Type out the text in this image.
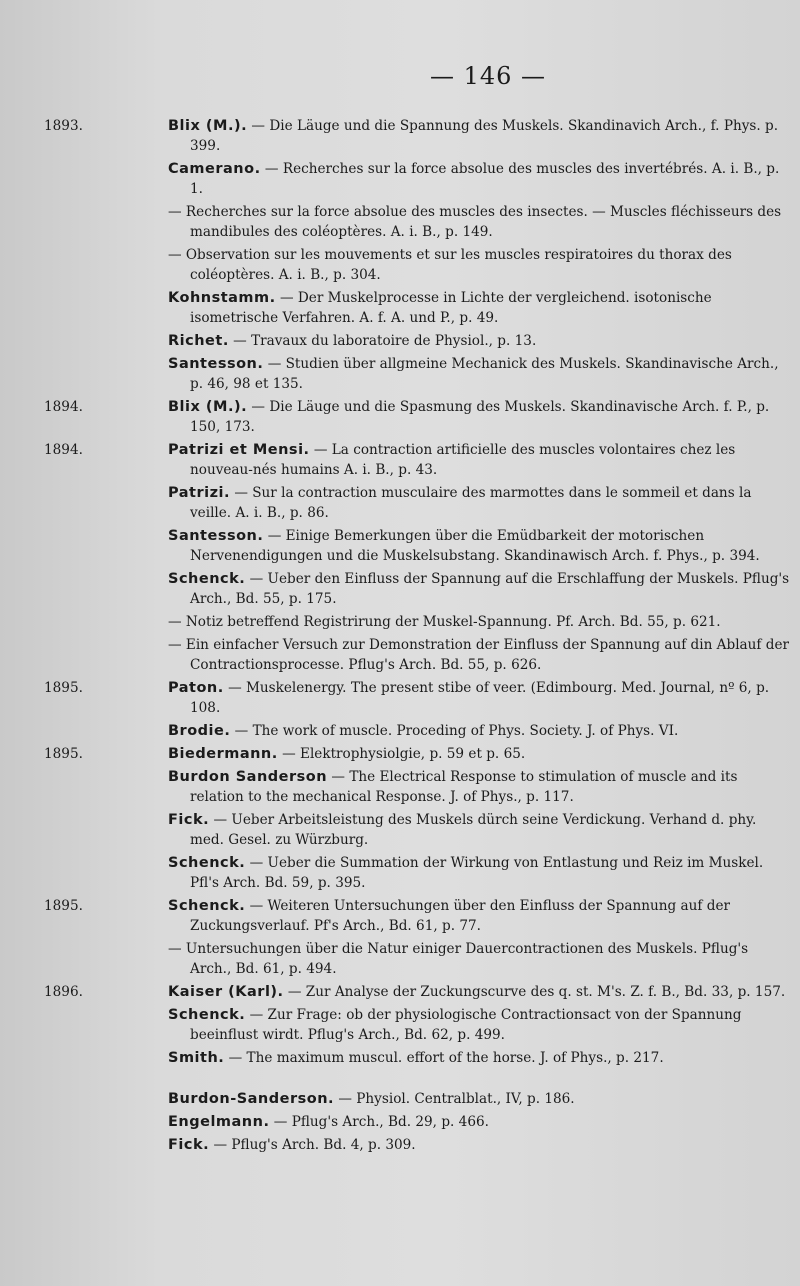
— 146 —
1893.	Blix (M.). — Die Läuge und die Spannung des Muskels. Skandinavich Arch., f. Phys. p. 399.
Camerano. — Recherches sur la force absolue des muscles des invertébrés. A. i. B., p. 1.
— Recherches sur la force absolue des muscles des insectes. — Muscles fléchisseurs des mandibules des coléoptères. A. i. B., p. 149.
— Observation sur les mouvements et sur les muscles respiratoires du thorax des coléoptères. A. i. B., p. 304.
Kohnstamm. — Der Muskelprocesse in Lichte der vergleichend. isotonische isometrische Verfahren. A. f. A. und P., p. 49.
Richet. — Travaux du laboratoire de Physiol., p. 13.
Santesson. — Studien über allgmeine Mechanick des Muskels. Skandinavische Arch., p. 46, 98 et 135.
1894.	Blix (M.). — Die Läuge und die Spasmung des Muskels. Skandinavische Arch. f. P., p. 150, 173.
1894.	Patrizi et Mensi. — La contraction artificielle des muscles volontaires chez les nouveau-nés humains A. i. B., p. 43.
Patrizi. — Sur la contraction musculaire des marmottes dans le sommeil et dans la veille. A. i. B., p. 86.
Santesson. — Einige Bemerkungen über die Emüdbarkeit der motorischen Nervenendigungen und die Muskelsubstang. Skandinawisch Arch. f. Phys., p. 394.
Schenck. — Ueber den Einfluss der Spannung auf die Erschlaffung der Muskels. Pflug's Arch., Bd. 55, p. 175.
— Notiz betreffend Registrirung der Muskel-Spannung. Pf. Arch. Bd. 55, p. 621.
— Ein einfacher Versuch zur Demonstration der Einfluss der Spannung auf din Ablauf der Contractionsprocesse. Pflug's Arch. Bd. 55, p. 626.
1895.	Paton. — Muskelenergy. The present stibe of veer. (Edimbourg. Med. Journal, nº 6, p. 108.
Brodie. — The work of muscle. Proceding of Phys. Society. J. of Phys. VI.
1895.	Biedermann. — Elektrophysiolgie, p. 59 et p. 65.
Burdon Sanderson — The Electrical Response to stimulation of muscle and its relation to the mechanical Response. J. of Phys., p. 117.
Fick. — Ueber Arbeitsleistung des Muskels dürch seine Verdickung. Verhand d. phy. med. Gesel. zu Würzburg.
Schenck. — Ueber die Summation der Wirkung von Entlastung und Reiz im Muskel. Pfl's Arch. Bd. 59, p. 395.
1895.	Schenck. — Weiteren Untersuchungen über den Einfluss der Spannung auf der Zuckungsverlauf. Pf's Arch., Bd. 61, p. 77.
— Untersuchungen über die Natur einiger Dauercontractionen des Muskels. Pflug's Arch., Bd. 61, p. 494.
1896.	Kaiser (Karl). — Zur Analyse der Zuckungscurve des q. st. M's. Z. f. B., Bd. 33, p. 157.
Schenck. — Zur Frage: ob der physiologische Contractionsact von der Spannung beeinflust wirdt. Pflug's Arch., Bd. 62, p. 499.
Smith. — The maximum muscul. effort of the horse. J. of Phys., p. 217.
Burdon-Sanderson. — Physiol. Centralblat., IV, p. 186.
Engelmann. — Pflug's Arch., Bd. 29, p. 466.
Fick. — Pflug's Arch. Bd. 4, p. 309.
